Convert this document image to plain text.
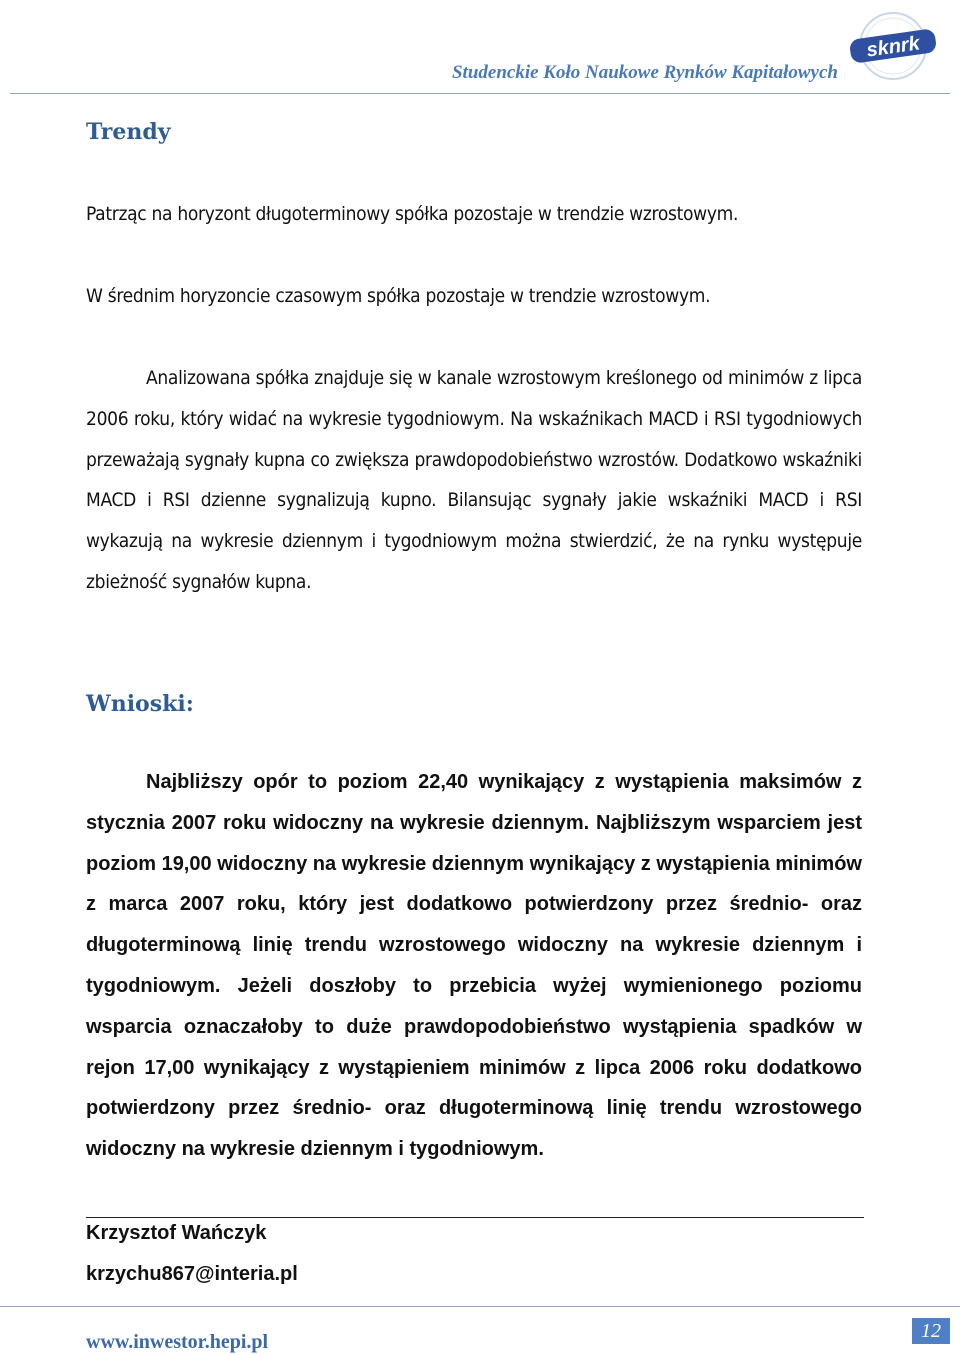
Studenckie Koło Naukowe Rynków Kapitałowych
sknrk
Trendy
Patrząc na horyzont długoterminowy spółka pozostaje w trendzie wzrostowym.
W średnim horyzoncie czasowym spółka pozostaje w trendzie wzrostowym.
Analizowana spółka znajduje się w kanale wzrostowym kreślonego od minimów z lipca 2006 roku, który widać na wykresie tygodniowym. Na wskaźnikach MACD i RSI tygodniowych przeważają sygnały kupna co zwiększa prawdopodobieństwo wzrostów. Dodatkowo wskaźniki MACD i RSI dzienne sygnalizują kupno. Bilansując sygnały jakie wskaźniki MACD i RSI wykazują na wykresie dziennym i tygodniowym można stwierdzić, że na rynku występuje zbieżność sygnałów kupna.
Wnioski:
Najbliższy opór to poziom 22,40 wynikający z wystąpienia maksimów z stycznia 2007 roku widoczny na wykresie dziennym. Najbliższym wsparciem jest poziom 19,00 widoczny na wykresie dziennym wynikający z wystąpienia minimów z marca 2007 roku, który jest dodatkowo potwierdzony przez średnio- oraz długoterminową linię trendu wzrostowego widoczny na wykresie dziennym i tygodniowym. Jeżeli doszłoby to przebicia wyżej wymienionego poziomu wsparcia oznaczałoby to duże prawdopodobieństwo wystąpienia spadków w rejon 17,00 wynikający z wystąpieniem minimów z lipca 2006 roku dodatkowo potwierdzony przez średnio- oraz długoterminową linię trendu wzrostowego widoczny na wykresie dziennym i tygodniowym.
Krzysztof Wańczyk
krzychu867@interia.pl
www.inwestor.hepi.pl	12
